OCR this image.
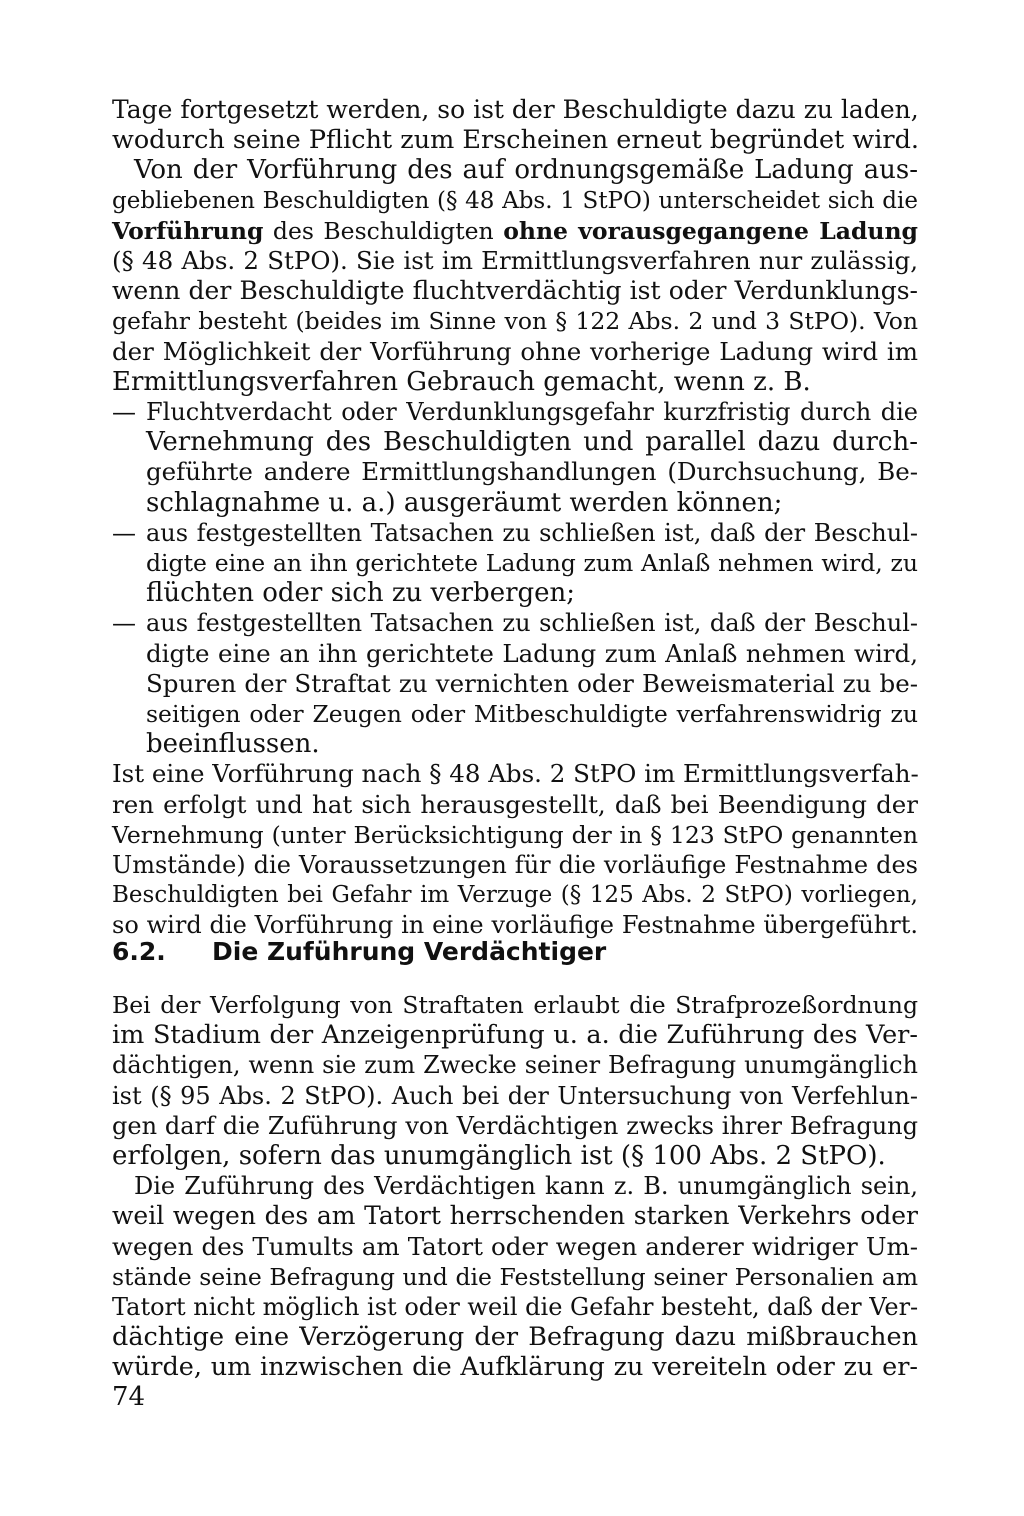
Tage fortgesetzt werden, so ist der Beschuldigte dazu zu laden,
wodurch seine Pflicht zum Erscheinen erneut begründet wird.
Von der Vorführung des auf ordnungsgemäße Ladung aus-
gebliebenen Beschuldigten (§ 48 Abs. 1 StPO) unterscheidet sich die
Vorführung des Beschuldigten ohne vorausgegangene Ladung
(§ 48 Abs. 2 StPO). Sie ist im Ermittlungsverfahren nur zulässig,
wenn der Beschuldigte fluchtverdächtig ist oder Verdunklungs-
gefahr besteht (beides im Sinne von § 122 Abs. 2 und 3 StPO). Von
der Möglichkeit der Vorführung ohne vorherige Ladung wird im
Ermittlungsverfahren Gebrauch gemacht, wenn z. B.
— Fluchtverdacht oder Verdunklungsgefahr kurzfristig durch die
Vernehmung des Beschuldigten und parallel dazu durch-
geführte andere Ermittlungshandlungen (Durchsuchung, Be-
schlagnahme u. a.) ausgeräumt werden können;
— aus festgestellten Tatsachen zu schließen ist, daß der Beschul-
digte eine an ihn gerichtete Ladung zum Anlaß nehmen wird, zu
flüchten oder sich zu verbergen;
— aus festgestellten Tatsachen zu schließen ist, daß der Beschul-
digte eine an ihn gerichtete Ladung zum Anlaß nehmen wird,
Spuren der Straftat zu vernichten oder Beweismaterial zu be-
seitigen oder Zeugen oder Mitbeschuldigte verfahrenswidrig zu
beeinflussen.
Ist eine Vorführung nach § 48 Abs. 2 StPO im Ermittlungsverfah-
ren erfolgt und hat sich herausgestellt, daß bei Beendigung der
Vernehmung (unter Berücksichtigung der in § 123 StPO genannten
Umstände) die Voraussetzungen für die vorläufige Festnahme des
Beschuldigten bei Gefahr im Verzuge (§ 125 Abs. 2 StPO) vorliegen,
so wird die Vorführung in eine vorläufige Festnahme übergeführt.
6.2. Die Zuführung Verdächtiger
Bei der Verfolgung von Straftaten erlaubt die Strafprozeßordnung
im Stadium der Anzeigenprüfung u. a. die Zuführung des Ver-
dächtigen, wenn sie zum Zwecke seiner Befragung unumgänglich
ist (§ 95 Abs. 2 StPO). Auch bei der Untersuchung von Verfehlun-
gen darf die Zuführung von Verdächtigen zwecks ihrer Befragung
erfolgen, sofern das unumgänglich ist (§ 100 Abs. 2 StPO).
Die Zuführung des Verdächtigen kann z. B. unumgänglich sein,
weil wegen des am Tatort herrschenden starken Verkehrs oder
wegen des Tumults am Tatort oder wegen anderer widriger Um-
stände seine Befragung und die Feststellung seiner Personalien am
Tatort nicht möglich ist oder weil die Gefahr besteht, daß der Ver-
dächtige eine Verzögerung der Befragung dazu mißbrauchen
würde, um inzwischen die Aufklärung zu vereiteln oder zu er-
74
